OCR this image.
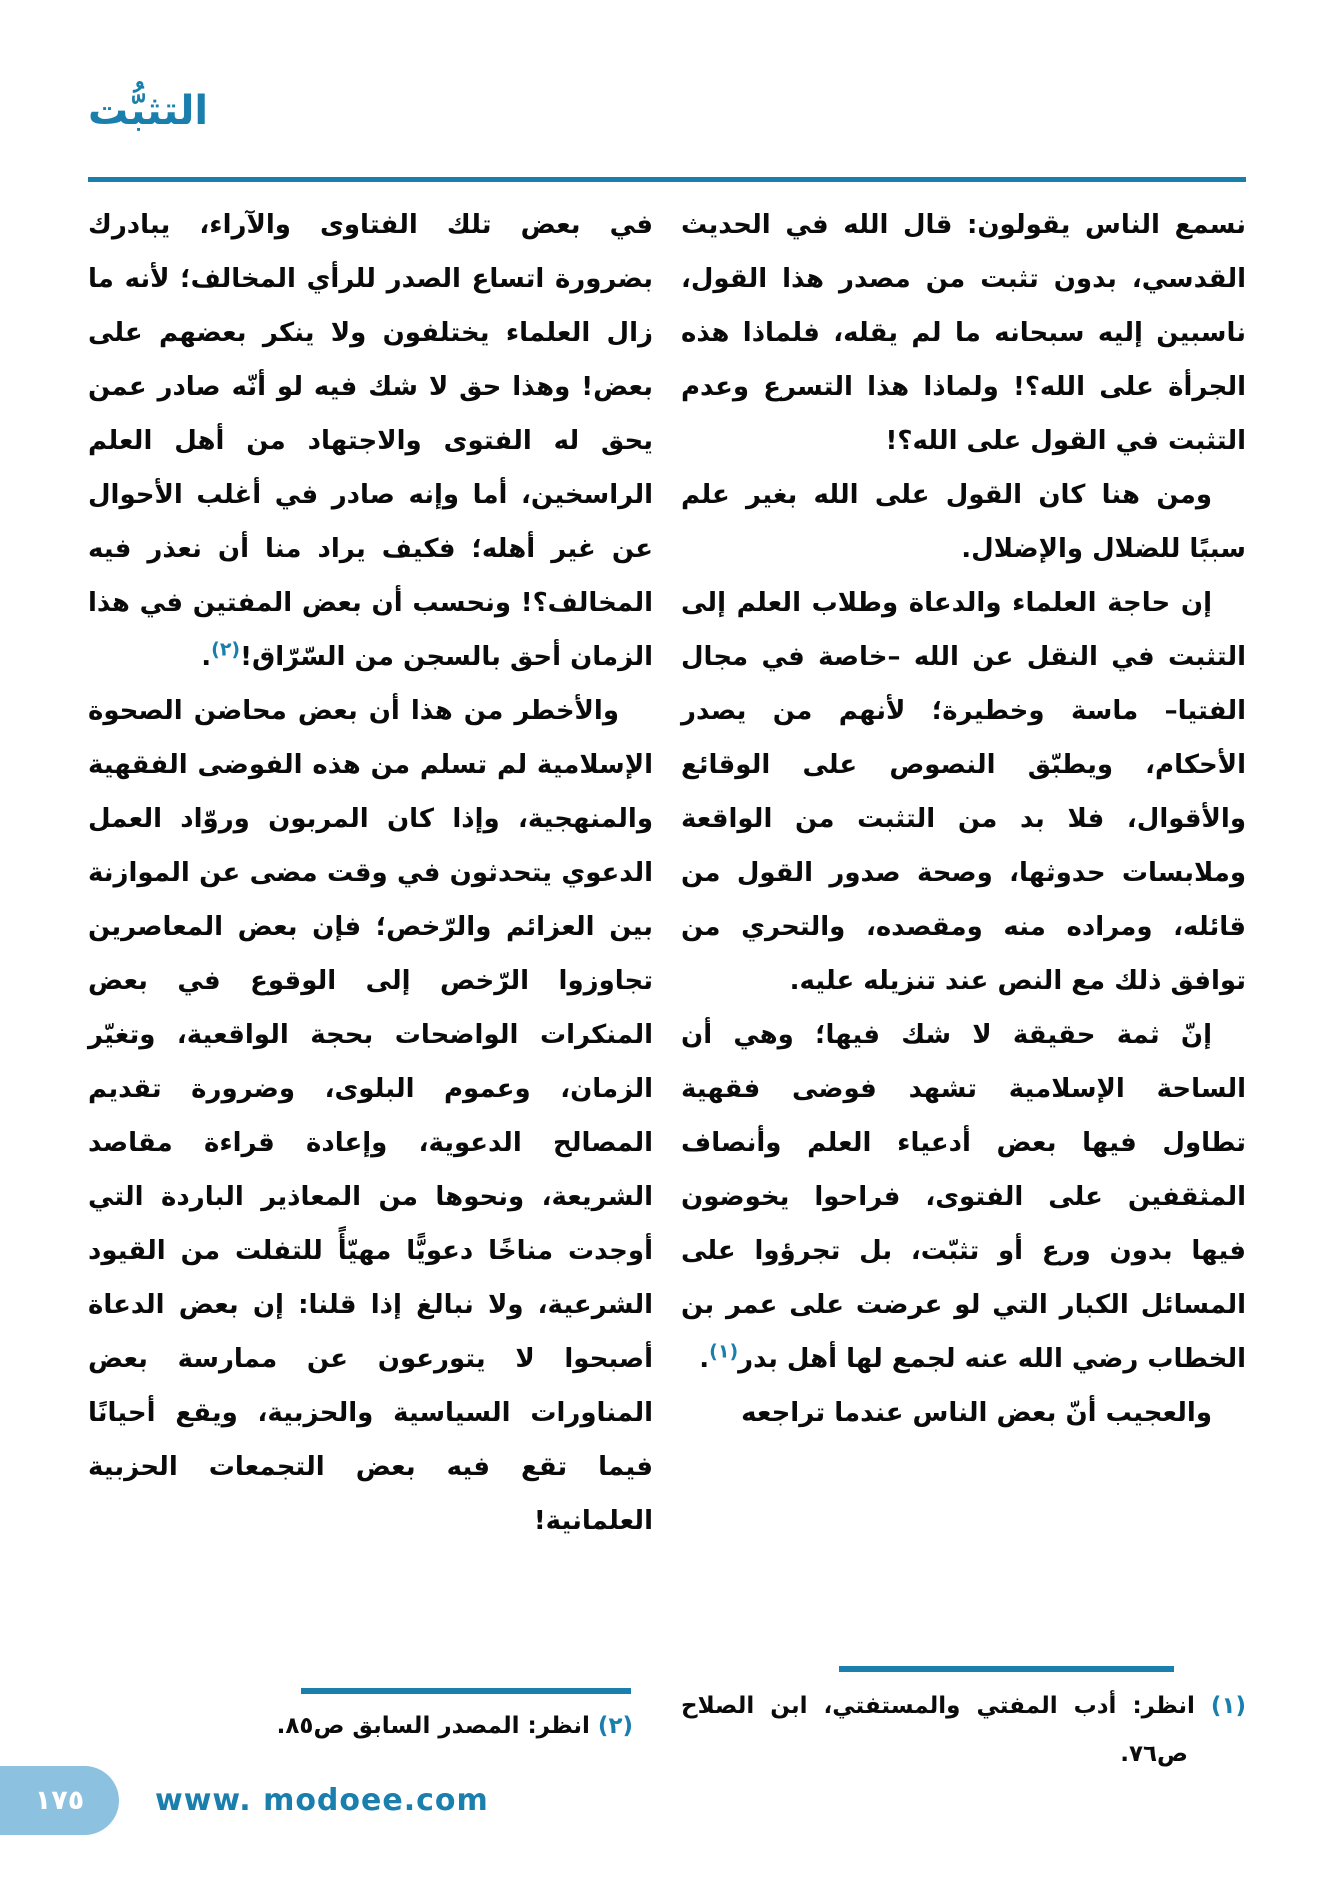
التثبُّت

نسمع الناس يقولون: قال الله في الحديث القدسي، بدون تثبت من مصدر هذا القول، ناسبين إليه سبحانه ما لم يقله، فلماذا هذه الجرأة على الله؟! ولماذا هذا التسرع وعدم التثبت في القول على الله؟!

ومن هنا كان القول على الله بغير علم سببًا للضلال والإضلال.

إن حاجة العلماء والدعاة وطلاب العلم إلى التثبت في النقل عن الله –خاصة في مجال الفتيا– ماسة وخطيرة؛ لأنهم من يصدر الأحكام، ويطبّق النصوص على الوقائع والأقوال، فلا بد من التثبت من الواقعة وملابسات حدوثها، وصحة صدور القول من قائله، ومراده منه ومقصده، والتحري من توافق ذلك مع النص عند تنزيله عليه.

إنّ ثمة حقيقة لا شك فيها؛ وهي أن الساحة الإسلامية تشهد فوضى فقهية تطاول فيها بعض أدعياء العلم وأنصاف المثقفين على الفتوى، فراحوا يخوضون فيها بدون ورع أو تثبّت، بل تجرؤوا على المسائل الكبار التي لو عرضت على عمر بن الخطاب رضي الله عنه لجمع لها أهل بدر$^{(١)}$.

والعجيب أنّ بعض الناس عندما تراجعه

(١) انظر: أدب المفتي والمستفتي، ابن الصلاح ص٧٦.

في بعض تلك الفتاوى والآراء، يبادرك بضرورة اتساع الصدر للرأي المخالف؛ لأنه ما زال العلماء يختلفون ولا ينكر بعضهم على بعض! وهذا حق لا شك فيه لو أنّه صادر عمن يحق له الفتوى والاجتهاد من أهل العلم الراسخين، أما وإنه صادر في أغلب الأحوال عن غير أهله؛ فكيف يراد منا أن نعذر فيه المخالف؟! ونحسب أن بعض المفتين في هذا الزمان أحق بالسجن من السّرّاق!$^{(٢)}$.

والأخطر من هذا أن بعض محاضن الصحوة الإسلامية لم تسلم من هذه الفوضى الفقهية والمنهجية، وإذا كان المربون وروّاد العمل الدعوي يتحدثون في وقت مضى عن الموازنة بين العزائم والرّخص؛ فإن بعض المعاصرين تجاوزوا الرّخص إلى الوقوع في بعض المنكرات الواضحات بحجة الواقعية، وتغيّر الزمان، وعموم البلوى، وضرورة تقديم المصالح الدعوية، وإعادة قراءة مقاصد الشريعة، ونحوها من المعاذير الباردة التي أوجدت مناخًا دعويًّا مهيّأً للتفلت من القيود الشرعية، ولا نبالغ إذا قلنا: إن بعض الدعاة أصبحوا لا يتورعون عن ممارسة بعض المناورات السياسية والحزبية، ويقع أحيانًا فيما تقع فيه بعض التجمعات الحزبية العلمانية!

(٢) انظر: المصدر السابق ص٨٥.

١٧٥ www. modoee.com
